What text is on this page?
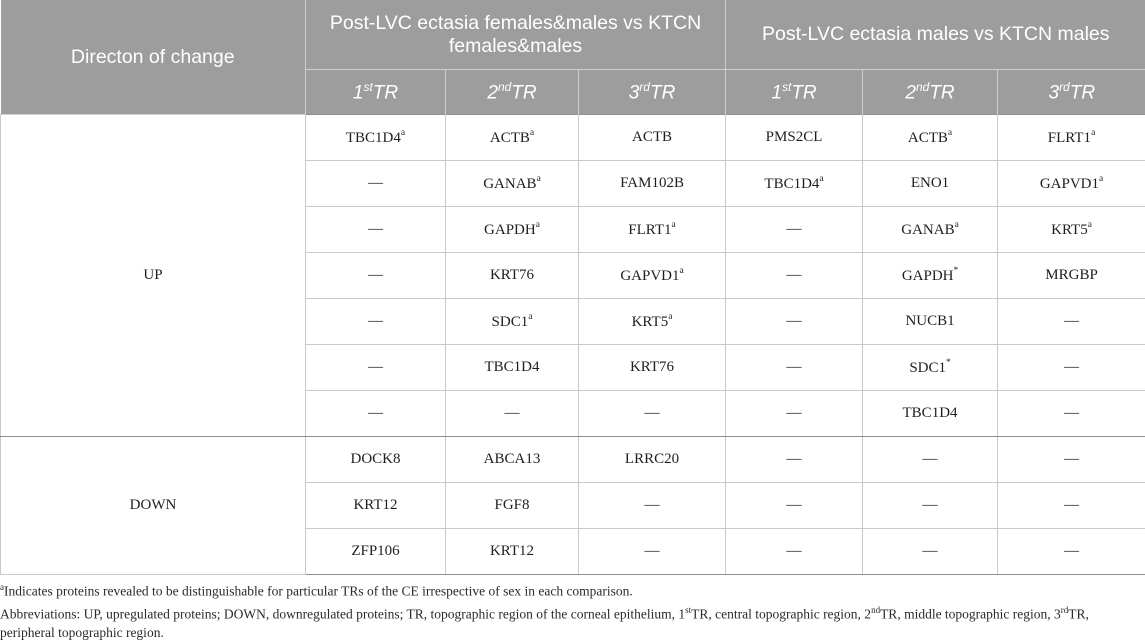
Directon of change	Post-LVC ectasia females&males vs KTCN females&males			Post-LVC ectasia males vs KTCN males		
	1stTR	2ndTR	3rdTR	1stTR	2ndTR	3rdTR
UP	TBC1D4$^a$	ACTB$^a$	ACTB	PMS2CL	ACTB$^a$	FLRT1$^a$
	—	GANAB$^a$	FAM102B	TBC1D4$^a$	ENO1	GAPVD1$^a$
	—	GAPDH$^a$	FLRT1$^a$	—	GANAB$^a$	KRT5$^a$
	—	KRT76	GAPVD1$^a$	—	GAPDH*	MRGBP
	—	SDC1$^a$	KRT5$^a$	—	NUCB1	—
	—	TBC1D4	KRT76	—	SDC1*	—
	—	—	—	—	TBC1D4	—
DOWN	DOCK8	ABCA13	LRRC20	—	—	—
	KRT12	FGF8	—	—	—	—
	ZFP106	KRT12	—	—	—	—

$^a$Indicates proteins revealed to be distinguishable for particular TRs of the CE irrespective of sex in each comparison.

Abbreviations: UP, upregulated proteins; DOWN, downregulated proteins; TR, topographic region of the corneal epithelium, 1stTR, central topographic region, 2ndTR, middle topographic region, 3rdTR, peripheral topographic region.
